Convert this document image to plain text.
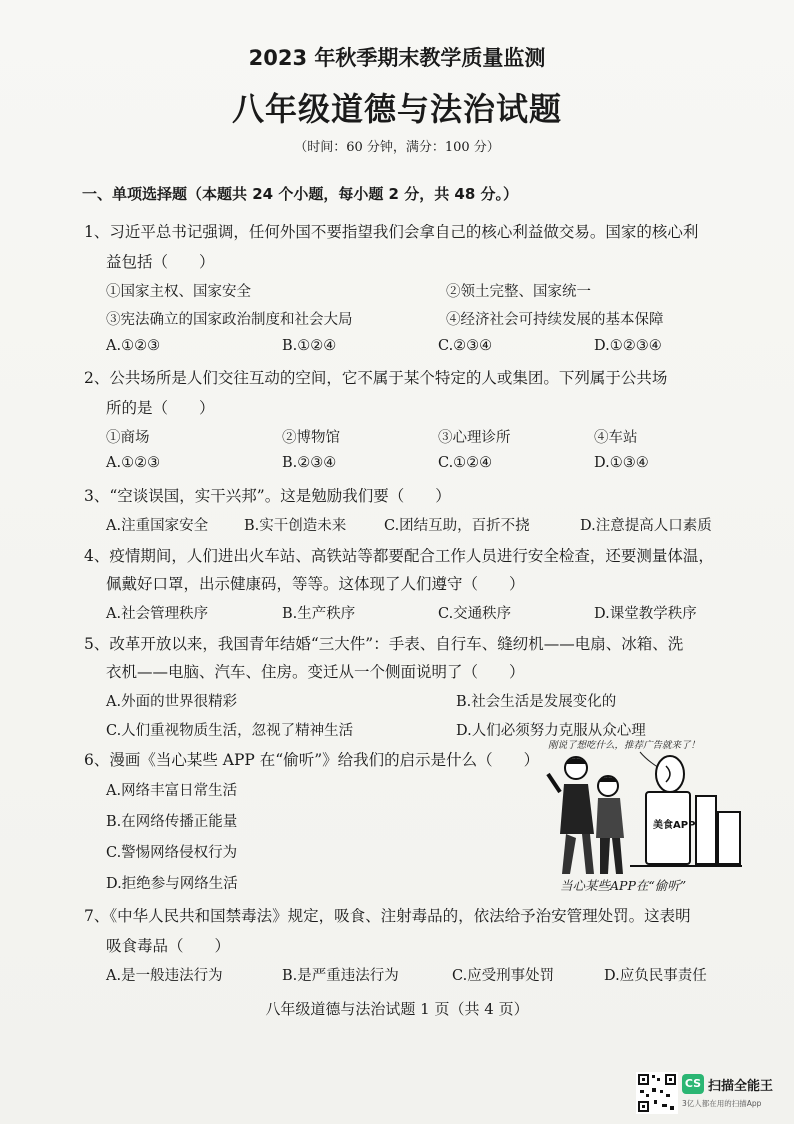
2023 年秋季期末教学质量监测
八年级道德与法治试题
（时间：60 分钟，满分：100 分）
一、单项选择题（本题共 24 个小题，每小题 2 分，共 48 分。）
1、习近平总书记强调，任何外国不要指望我们会拿自己的核心利益做交易。国家的核心利
益包括（　　）
①国家主权、国家安全	②领土完整、国家统一
③宪法确立的国家政治制度和社会大局	④经济社会可持续发展的基本保障
A.①②③	B.①②④	C.②③④	D.①②③④
2、公共场所是人们交往互动的空间，它不属于某个特定的人或集团。下列属于公共场
所的是（　　）
①商场	②博物馆	③心理诊所	④车站
A.①②③	B.②③④	C.①②④	D.①③④
3、“空谈误国，实干兴邦”。这是勉励我们要（　　）
A.注重国家安全 B.实干创造未来	C.团结互助，百折不挠	D.注意提高人口素质
4、疫情期间，人们进出火车站、高铁站等都要配合工作人员进行安全检查，还要测量体温，
佩戴好口罩，出示健康码，等等。这体现了人们遵守（　　）
A.社会管理秩序	B.生产秩序	C.交通秩序	D.课堂教学秩序
5、改革开放以来，我国青年结婚“三大件”：手表、自行车、缝纫机——电扇、冰箱、洗
衣机——电脑、汽车、住房。变迁从一个侧面说明了（　　）
A.外面的世界很精彩	B.社会生活是发展变化的
C.人们重视物质生活，忽视了精神生活	D.人们必须努力克服从众心理
6、漫画《当心某些 APP 在“偷听”》给我们的启示是什么（　　）
A.网络丰富日常生活
B.在网络传播正能量
C.警惕网络侵权行为
D.拒绝参与网络生活
刚说了想吃什么，推荐广告就来了！
美食APP
当心某些APP在“偷听”
7、《中华人民共和国禁毒法》规定，吸食、注射毒品的，依法给予治安管理处罚。这表明
吸食毒品（　　）
A.是一般违法行为	B.是严重违法行为	C.应受刑事处罚	D.应负民事责任
八年级道德与法治试题 1 页（共 4 页）
CS 扫描全能王
3亿人都在用的扫描App
